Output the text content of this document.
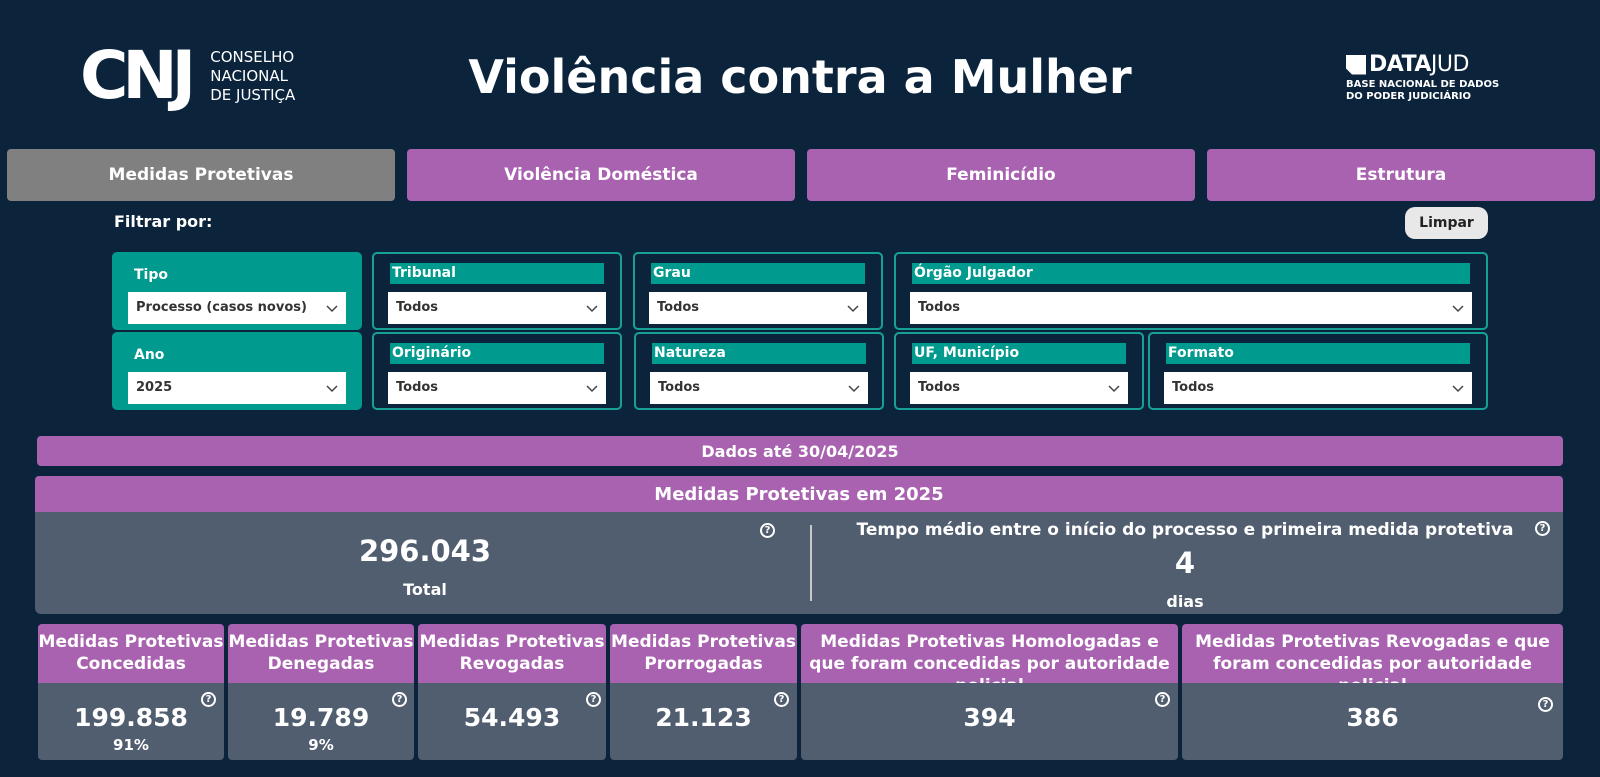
CNJ CONSELHO
NACIONAL
DE JUSTIÇA	Violência contra a Mulher	DATAJUD
BASE NACIONAL DE DADOS
DO PODER JUDICIÁRIO
Medidas Protetivas	Violência Doméstica	Feminicídio	Estrutura
Filtrar por:	Limpar
Tipo
Processo (casos novos)
Tribunal
Todos
Grau
Todos
Órgão Julgador
Todos
Ano
2025
Originário
Todos
Natureza
Todos
UF, Município
Todos
Formato
Todos
Dados até 30/04/2025
Medidas Protetivas em 2025
296.043
Total
?	Tempo médio entre o início do processo e primeira medida protetiva
4
dias
?
Medidas Protetivas Concedidas
199.858
91%
?
Medidas Protetivas Denegadas
19.789
9%
?
Medidas Protetivas Revogadas
54.493
?
Medidas Protetivas Prorrogadas
21.123
?
Medidas Protetivas Homologadas e que foram concedidas por autoridade
394
?
Medidas Protetivas Revogadas e que foram concedidas por autoridade
386	?
